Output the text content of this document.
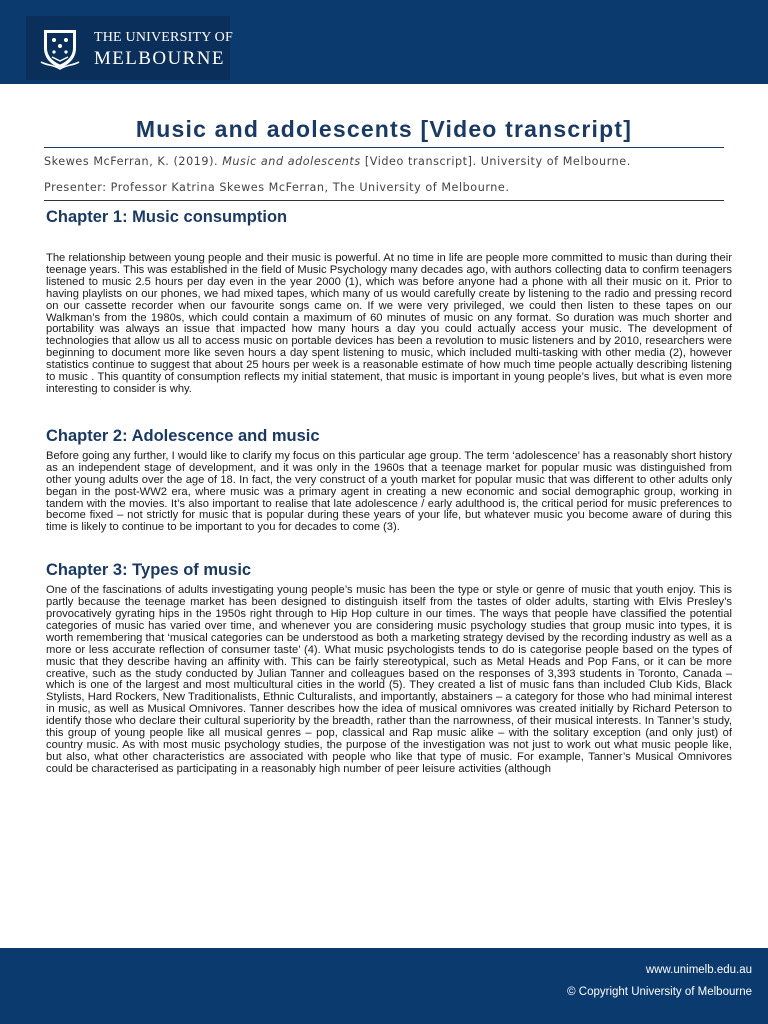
THE UNIVERSITY OF
MELBOURNE
Music and adolescents [Video transcript]
Skewes McFerran, K. (2019). Music and adolescents [Video transcript]. University of Melbourne.
Presenter: Professor Katrina Skewes McFerran, The University of Melbourne.
Chapter 1: Music consumption

The relationship between young people and their music is powerful. At no time in life are people more committed to music than during their teenage years. This was established in the field of Music Psychology many decades ago, with authors collecting data to confirm teenagers listened to music 2.5 hours per day even in the year 2000 (1), which was before anyone had a phone with all their music on it. Prior to having playlists on our phones, we had mixed tapes, which many of us would carefully create by listening to the radio and pressing record on our cassette recorder when our favourite songs came on. If we were very privileged, we could then listen to these tapes on our Walkman’s from the 1980s, which could contain a maximum of 60 minutes of music on any format. So duration was much shorter and portability was always an issue that impacted how many hours a day you could actually access your music. The development of technologies that allow us all to access music on portable devices has been a revolution to music listeners and by 2010, researchers were beginning to document more like seven hours a day spent listening to music, which included multi-tasking with other media (2), however statistics continue to suggest that about 25 hours per week is a reasonable estimate of how much time people actually describing listening to music . This quantity of consumption reflects my initial statement, that music is important in young people’s lives, but what is even more interesting to consider is why.

Chapter 2: Adolescence and music

Before going any further, I would like to clarify my focus on this particular age group. The term ‘adolescence’ has a reasonably short history as an independent stage of development, and it was only in the 1960s that a teenage market for popular music was distinguished from other young adults over the age of 18. In fact, the very construct of a youth market for popular music that was different to other adults only began in the post-WW2 era, where music was a primary agent in creating a new economic and social demographic group, working in tandem with the movies. It’s also important to realise that late adolescence / early adulthood is, the critical period for music preferences to become fixed – not strictly for music that is popular during these years of your life, but whatever music you become aware of during this time is likely to continue to be important to you for decades to come (3).

Chapter 3: Types of music

One of the fascinations of adults investigating young people’s music has been the type or style or genre of music that youth enjoy. This is partly because the teenage market has been designed to distinguish itself from the tastes of older adults, starting with Elvis Presley’s provocatively gyrating hips in the 1950s right through to Hip Hop culture in our times. The ways that people have classified the potential categories of music has varied over time, and whenever you are considering music psychology studies that group music into types, it is worth remembering that ‘musical categories can be understood as both a marketing strategy devised by the recording industry as well as a more or less accurate reflection of consumer taste’ (4). What music psychologists tends to do is categorise people based on the types of music that they describe having an affinity with. This can be fairly stereotypical, such as Metal Heads and Pop Fans, or it can be more creative, such as the study conducted by Julian Tanner and colleagues based on the responses of 3,393 students in Toronto, Canada – which is one of the largest and most multicultural cities in the world (5). They created a list of music fans than included Club Kids, Black Stylists, Hard Rockers, New Traditionalists, Ethnic Culturalists, and importantly, abstainers – a category for those who had minimal interest in music, as well as Musical Omnivores. Tanner describes how the idea of musical omnivores was created initially by Richard Peterson to identify those who declare their cultural superiority by the breadth, rather than the narrowness, of their musical interests. In Tanner’s study, this group of young people like all musical genres – pop, classical and Rap music alike – with the solitary exception (and only just) of country music. As with most music psychology studies, the purpose of the investigation was not just to work out what music people like, but also, what other characteristics are associated with people who like that type of music. For example, Tanner’s Musical Omnivores could be characterised as participating in a reasonably high number of peer leisure activities (although

www.unimelb.edu.au
© Copyright University of Melbourne
